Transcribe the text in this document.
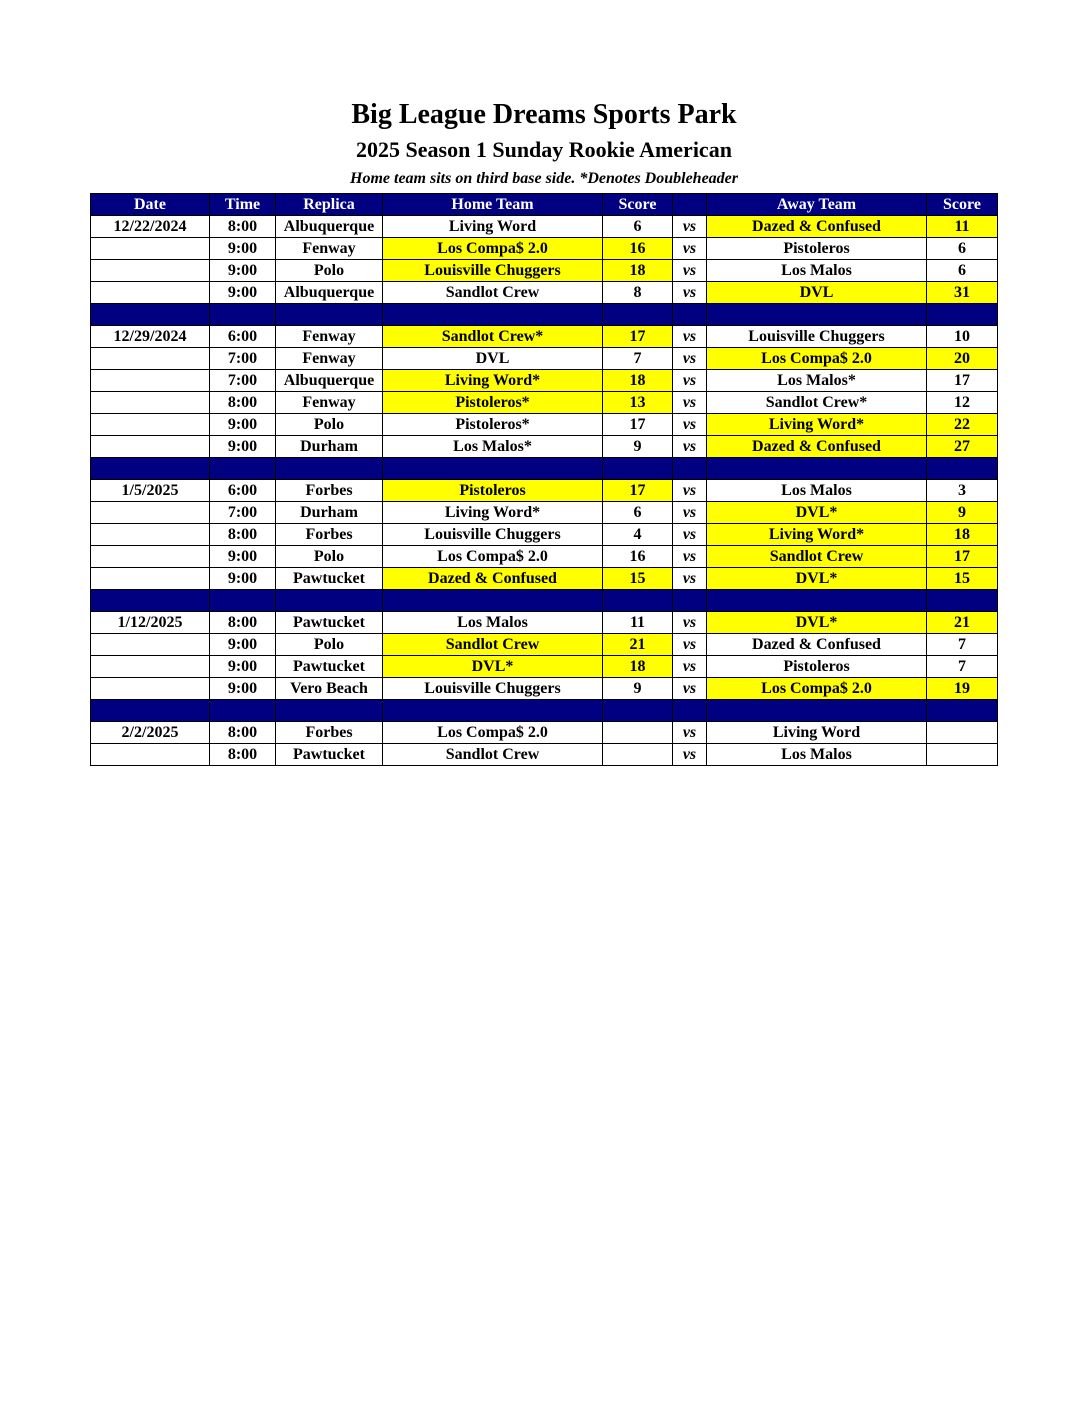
Big League Dreams Sports Park
2025 Season 1 Sunday Rookie American
Home team sits on third base side. *Denotes Doubleheader
Date	Time	Replica	Home Team	Score		Away Team	Score
12/22/2024	8:00	Albuquerque	Living Word	6	vs	Dazed & Confused	11
	9:00	Fenway	Los Compa$ 2.0	16	vs	Pistoleros	6
	9:00	Polo	Louisville Chuggers	18	vs	Los Malos	6
	9:00	Albuquerque	Sandlot Crew	8	vs	DVL	31

12/29/2024	6:00	Fenway	Sandlot Crew*	17	vs	Louisville Chuggers	10
	7:00	Fenway	DVL	7	vs	Los Compa$ 2.0	20
	7:00	Albuquerque	Living Word*	18	vs	Los Malos*	17
	8:00	Fenway	Pistoleros*	13	vs	Sandlot Crew*	12
	9:00	Polo	Pistoleros*	17	vs	Living Word*	22
	9:00	Durham	Los Malos*	9	vs	Dazed & Confused	27

1/5/2025	6:00	Forbes	Pistoleros	17	vs	Los Malos	3
	7:00	Durham	Living Word*	6	vs	DVL*	9
	8:00	Forbes	Louisville Chuggers	4	vs	Living Word*	18
	9:00	Polo	Los Compa$ 2.0	16	vs	Sandlot Crew	17
	9:00	Pawtucket	Dazed & Confused	15	vs	DVL*	15

1/12/2025	8:00	Pawtucket	Los Malos	11	vs	DVL*	21
	9:00	Polo	Sandlot Crew	21	vs	Dazed & Confused	7
	9:00	Pawtucket	DVL*	18	vs	Pistoleros	7
	9:00	Vero Beach	Louisville Chuggers	9	vs	Los Compa$ 2.0	19

2/2/2025	8:00	Forbes	Los Compa$ 2.0		vs	Living Word	
	8:00	Pawtucket	Sandlot Crew		vs	Los Malos	
